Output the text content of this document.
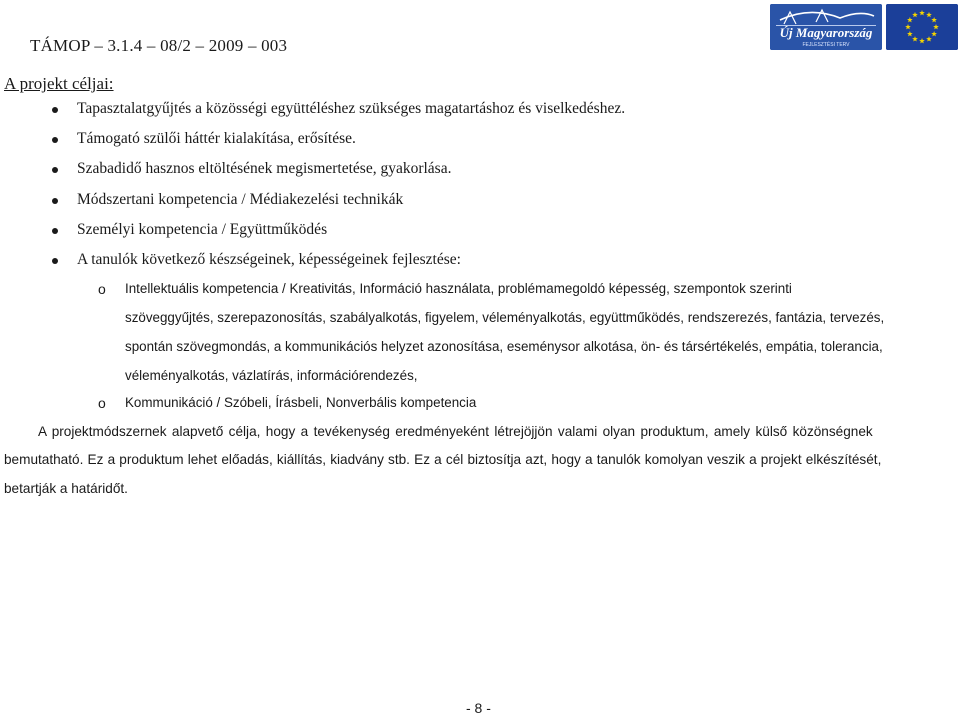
TÁMOP – 3.1.4 – 08/2 – 2009 – 003
Új Magyarország
FEJLESZTÉSI TERV
A projekt céljai:
Tapasztalatgyűjtés a közösségi együttéléshez szükséges magatartáshoz és viselkedéshez.
Támogató szülői háttér kialakítása, erősítése.
Szabadidő hasznos eltöltésének megismertetése, gyakorlása.
Módszertani kompetencia / Médiakezelési technikák
Személyi kompetencia / Együttműködés
A tanulók következő készségeinek, képességeinek fejlesztése:
o Intellektuális kompetencia / Kreativitás, Információ használata, problémamegoldó képesség, szempontok szerinti
szöveggyűjtés, szerepazonosítás, szabályalkotás, figyelem, véleményalkotás, együttműködés, rendszerezés, fantázia, tervezés,
spontán szövegmondás, a kommunikációs helyzet azonosítása, eseménysor alkotása, ön- és társértékelés, empátia, tolerancia,
véleményalkotás, vázlatírás, információrendezés,
o Kommunikáció / Szóbeli, Írásbeli, Nonverbális kompetencia
A projektmódszernek alapvető célja, hogy a tevékenység eredményeként létrejöjjön valami olyan produktum, amely külső közönségnek
bemutatható. Ez a produktum lehet előadás, kiállítás, kiadvány stb. Ez a cél biztosítja azt, hogy a tanulók komolyan veszik a projekt elkészítését,
betartják a határidőt.
- 8 -
